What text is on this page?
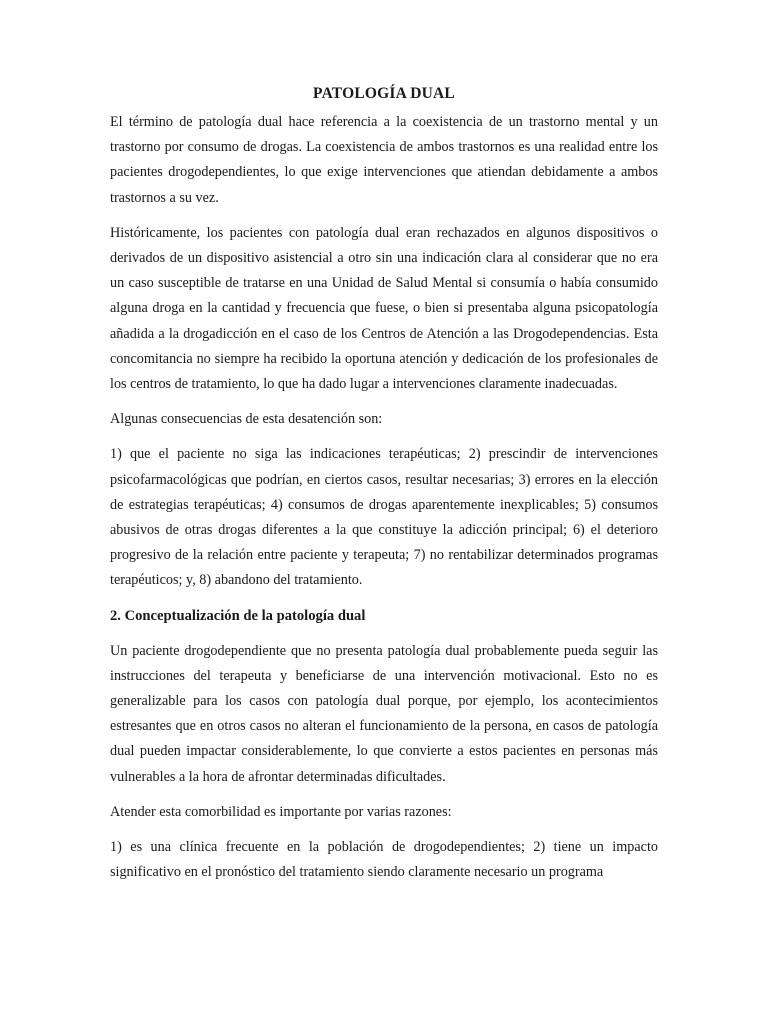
PATOLOGÍA DUAL

El término de patología dual hace referencia a la coexistencia de un trastorno mental y un trastorno por consumo de drogas. La coexistencia de ambos trastornos es una realidad entre los pacientes drogodependientes, lo que exige intervenciones que atiendan debidamente a ambos trastornos a su vez.

Históricamente, los pacientes con patología dual eran rechazados en algunos dispositivos o derivados de un dispositivo asistencial a otro sin una indicación clara al considerar que no era un caso susceptible de tratarse en una Unidad de Salud Mental si consumía o había consumido alguna droga en la cantidad y frecuencia que fuese, o bien si presentaba alguna psicopatología añadida a la drogadicción en el caso de los Centros de Atención a las Drogodependencias. Esta concomitancia no siempre ha recibido la oportuna atención y dedicación de los profesionales de los centros de tratamiento, lo que ha dado lugar a intervenciones claramente inadecuadas.

Algunas consecuencias de esta desatención son:

1) que el paciente no siga las indicaciones terapéuticas; 2) prescindir de intervenciones psicofarmacológicas que podrían, en ciertos casos, resultar necesarias; 3) errores en la elección de estrategias terapéuticas; 4) consumos de drogas aparentemente inexplicables; 5) consumos abusivos de otras drogas diferentes a la que constituye la adicción principal; 6) el deterioro progresivo de la relación entre paciente y terapeuta; 7) no rentabilizar determinados programas terapéuticos; y, 8) abandono del tratamiento.

2. Conceptualización de la patología dual

Un paciente drogodependiente que no presenta patología dual probablemente pueda seguir las instrucciones del terapeuta y beneficiarse de una intervención motivacional. Esto no es generalizable para los casos con patología dual porque, por ejemplo, los acontecimientos estresantes que en otros casos no alteran el funcionamiento de la persona, en casos de patología dual pueden impactar considerablemente, lo que convierte a estos pacientes en personas más vulnerables a la hora de afrontar determinadas dificultades.

Atender esta comorbilidad es importante por varias razones:

1) es una clínica frecuente en la población de drogodependientes; 2) tiene un impacto significativo en el pronóstico del tratamiento siendo claramente necesario un programa
